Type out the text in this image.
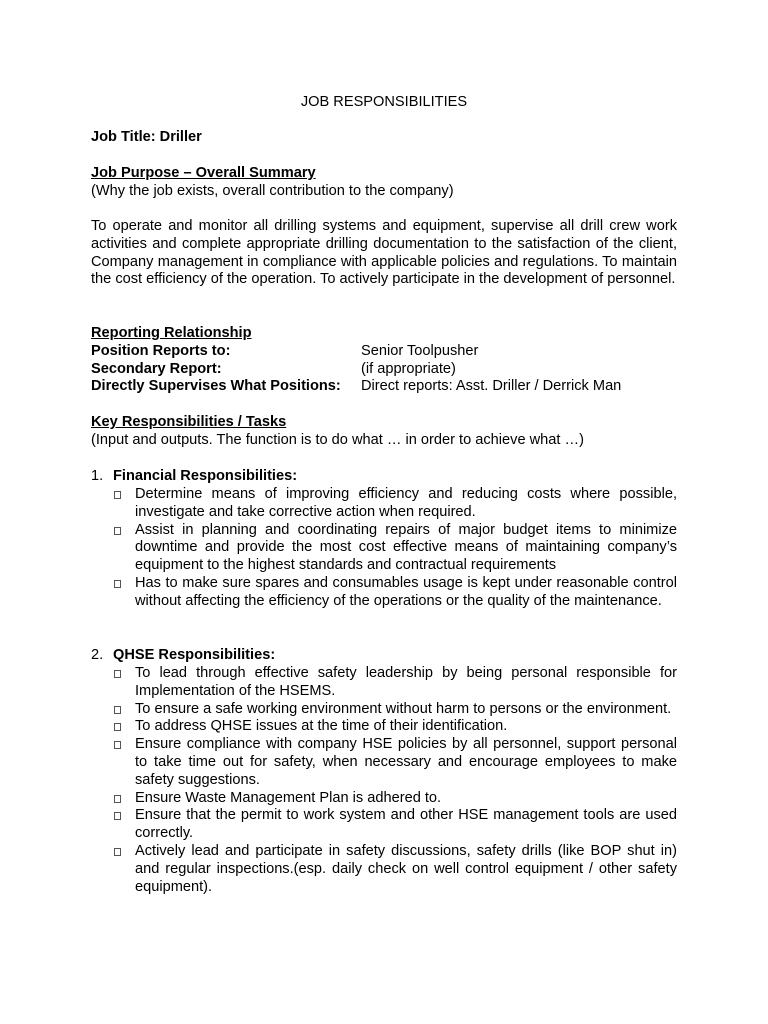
JOB RESPONSIBILITIES
Job Title: Driller
Job Purpose – Overall Summary
(Why the job exists, overall contribution to the company)
To operate and monitor all drilling systems and equipment, supervise all drill crew work activities and complete appropriate drilling documentation to the satisfaction of the client, Company management in compliance with applicable policies and regulations. To maintain the cost efficiency of the operation. To actively participate in the development of personnel.
Reporting Relationship
Position Reports to:	Senior Toolpusher
Secondary Report:	(if appropriate)
Directly Supervises What Positions:	Direct reports: Asst. Driller / Derrick Man
Key Responsibilities / Tasks
(Input and outputs. The function is to do what … in order to achieve what …)
1. Financial Responsibilities:
Determine means of improving efficiency and reducing costs where possible, investigate and take corrective action when required.
Assist in planning and coordinating repairs of major budget items to minimize downtime and provide the most cost effective means of maintaining company’s equipment to the highest standards and contractual requirements
Has to make sure spares and consumables usage is kept under reasonable control without affecting the efficiency of the operations or the quality of the maintenance.
2. QHSE Responsibilities:
To lead through effective safety leadership by being personal responsible for Implementation of the HSEMS.
To ensure a safe working environment without harm to persons or the environment.
To address QHSE issues at the time of their identification.
Ensure compliance with company HSE policies by all personnel, support personal to take time out for safety, when necessary and encourage employees to make safety suggestions.
Ensure Waste Management Plan is adhered to.
Ensure that the permit to work system and other HSE management tools are used correctly.
Actively lead and participate in safety discussions, safety drills (like BOP shut in) and regular inspections.(esp. daily check on well control equipment / other safety equipment).
